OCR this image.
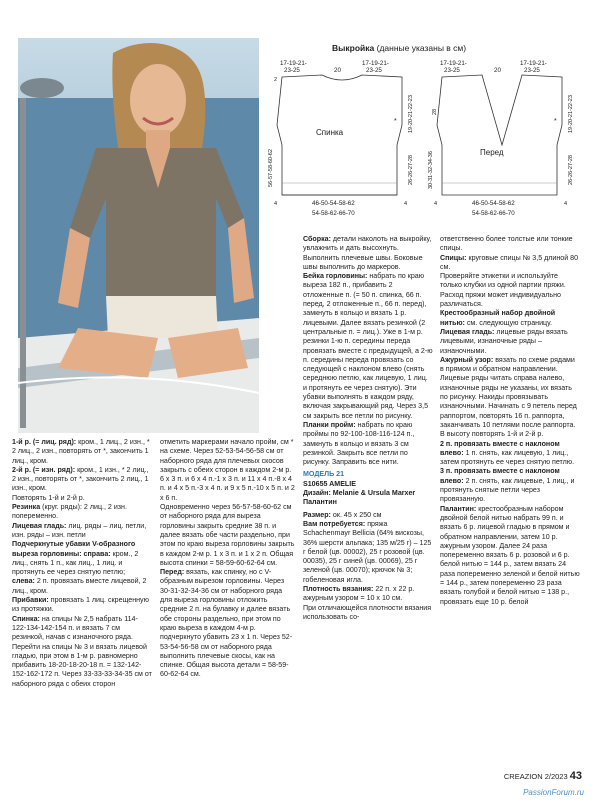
Выкройка (данные указаны в см)
17-19-21-
23-25	20
17-19-21-
23-25
Спинка
2
56-57-58-60-62
19-20-21-22-23
26-26-27-28
*
4	4
46-50-54-58-62
54-58-62-66-70
17-19-21-
23-25	20
17-19-21-
23-25
Перед
28
30-31-32-34-36
19-20-21-22-23
26-26-27-28
*
4	4
46-50-54-58-62
54-58-62-66-70

1-й р. (= лиц. ряд): кром., 1 лиц., 2 изн., * 2 лиц., 2 изн., повторять от *, закончить 1 лиц., кром.

2-й р. (= изн. ряд): кром., 1 изн., * 2 лиц., 2 изн., повторять от *, закончить 2 лиц., 1 изн., кром.

Повторять 1-й и 2-й р.

Резинка (круг. ряды): 2 лиц., 2 изн. попеременно.

Лицевая гладь: лиц. ряды – лиц. петли, изн. ряды – изн. петли

Подчеркнутые убавки V-образного выреза горловины: справа: кром., 2 лиц., снять 1 п., как лиц., 1 лиц. и протянуть ее через снятую петлю;

слева: 2 п. провязать вместе лицевой, 2 лиц., кром.

Прибавки: провязать 1 лиц. скрещенную из протяжки.

Спинка: на спицы № 2,5 набрать 114-122-134-142-154 п. и вязать 7 см резинкой, начав с изнаночного ряда.

Перейти на спицы № 3 и вязать лицевой гладью, при этом в 1-м р. равномерно прибавить 18-20-18-20-18 п. = 132-142-152-162-172 п. Через 33-33-33-34-35 см от наборного ряда с обеих сторон

отметить маркерами начало пройм, см * на схеме. Через 52-53-54-56-58 см от наборного ряда для плечевых скосов закрыть с обеих сторон в каждом 2-м р. 6 x 3 п. и 6 x 4 п.-1 x 3 п. и 11 x 4 п.-8 x 4 п. и 4 x 5 п.-3 x 4 п. и 9 x 5 п.-10 x 5 п. и 2 x 6 п.

Одновременно через 56-57-58-60-62 см от наборного ряда для выреза горловины закрыть средние 38 п. и далее вязать обе части раздельно, при этом по краю выреза горловины закрыть в каждом 2-м р. 1 x 3 п. и 1 x 2 п. Общая высота спинки = 58-59-60-62-64 см.

Перед: вязать, как спинку, но с V-образным вырезом горловины. Через 30-31-32-34-36 см от наборного ряда для выреза горловины отложить средние 2 п. на булавку и далее вязать обе стороны раздельно, при этом по краю выреза в каждом 4-м р. подчеркнуто убавить 23 x 1 п. Через 52-53-54-56-58 см от наборного ряда выполнить плечевые скосы, как на спинке. Общая высота детали = 58-59-60-62-64 см.

Сборка: детали наколоть на выкройку, увлажнить и дать высохнуть. Выполнить плечевые швы. Боковые швы выполнить до маркеров.

Бейка горловины: набрать по краю выреза 182 п., прибавить 2 отложенные п. (= 50 п. спинка, 66 п. перед, 2 отложенные п., 66 п. перед), замкнуть в кольцо и вязать 1 р. лицевыми. Далее вязать резинкой (2 центральные п. = лиц.). Уже в 1-м р. резинки 1-ю п. середины переда провязать вместе с предыдущей, а 2-ю п. середины переда провязать со следующей с наклоном влево (снять середнюю петлю, как лицевую, 1 лиц. и протянуть ее через снятую). Эти убавки выполнять в каждом ряду, включая закрывающий ряд. Через 3,5 см закрыть все петли по рисунку.

Планки пройм: набрать по краю проймы по 92-100-108-116-124 п., замкнуть в кольцо и вязать 3 см резинкой. Закрыть все петли по рисунку. Заправить все нити.

МОДЕЛЬ 21

S10655 AMELIE

Дизайн: Melanie & Ursula Marxer

Палантин

Размер: ок. 45 x 250 см

Вам потребуется: пряжа Schachenmayr Bellicia (64% вискозы, 36% шерсти альпака; 135 м/25 г) – 125 г белой (цв. 00002), 25 г розовой (цв. 00035), 25 г синей (цв. 00069), 25 г зеленой (цв. 00070); крючок № 3; гобеленовая игла.

Плотность вязания: 22 п. x 22 р. ажурным узором = 10 x 10 см.

При отличающейся плотности вязания использовать со-

ответственно более толстые или тонкие спицы.

Спицы: круговые спицы № 3,5 длиной 80 см.

Проверяйте этикетки и используйте только клубки из одной партии пряжи. Расход пряжи может индивидуально различаться.

Крестообразный набор двойной нитью: см. следующую страницу.

Лицевая гладь: лицевые ряды вязать лицевыми, изнаночные ряды – изнаночными.

Ажурный узор: вязать по схеме рядами в прямом и обратном направлении. Лицевые ряды читать справа налево, изнаночные ряды не указаны, их вязать по рисунку. Накиды провязывать изнаночными. Начинать с 9 петель перед раппортом, повторять 16 п. раппорта, заканчивать 10 петлями после раппорта.

В высоту повторять 1-й и 2-й р.

2 п. провязать вместе с наклоном влево: 1 п. снять, как лицевую, 1 лиц., затем протянуть ее через снятую петлю.

3 п. провязать вместе с наклоном влево: 2 п. снять, как лицевые, 1 лиц., и протянуть снятые петли через провязанную.

Палантин: крестообразным набором двойной белой нитью набрать 99 п. и вязать 6 р. лицевой гладью в прямом и обратном направлении, затем 10 р. ажурным узором. Далее 24 раза попеременно вязать 6 р. розовой и 6 р. белой нитью = 144 р., затем вязать 24 раза попеременно зеленой и белой нитью = 144 р., затем попеременно 23 раза вязать голубой и белой нитью = 138 р., провязать еще 10 р. белой

CREAZION 2/2023 43
PassionForum.ru
